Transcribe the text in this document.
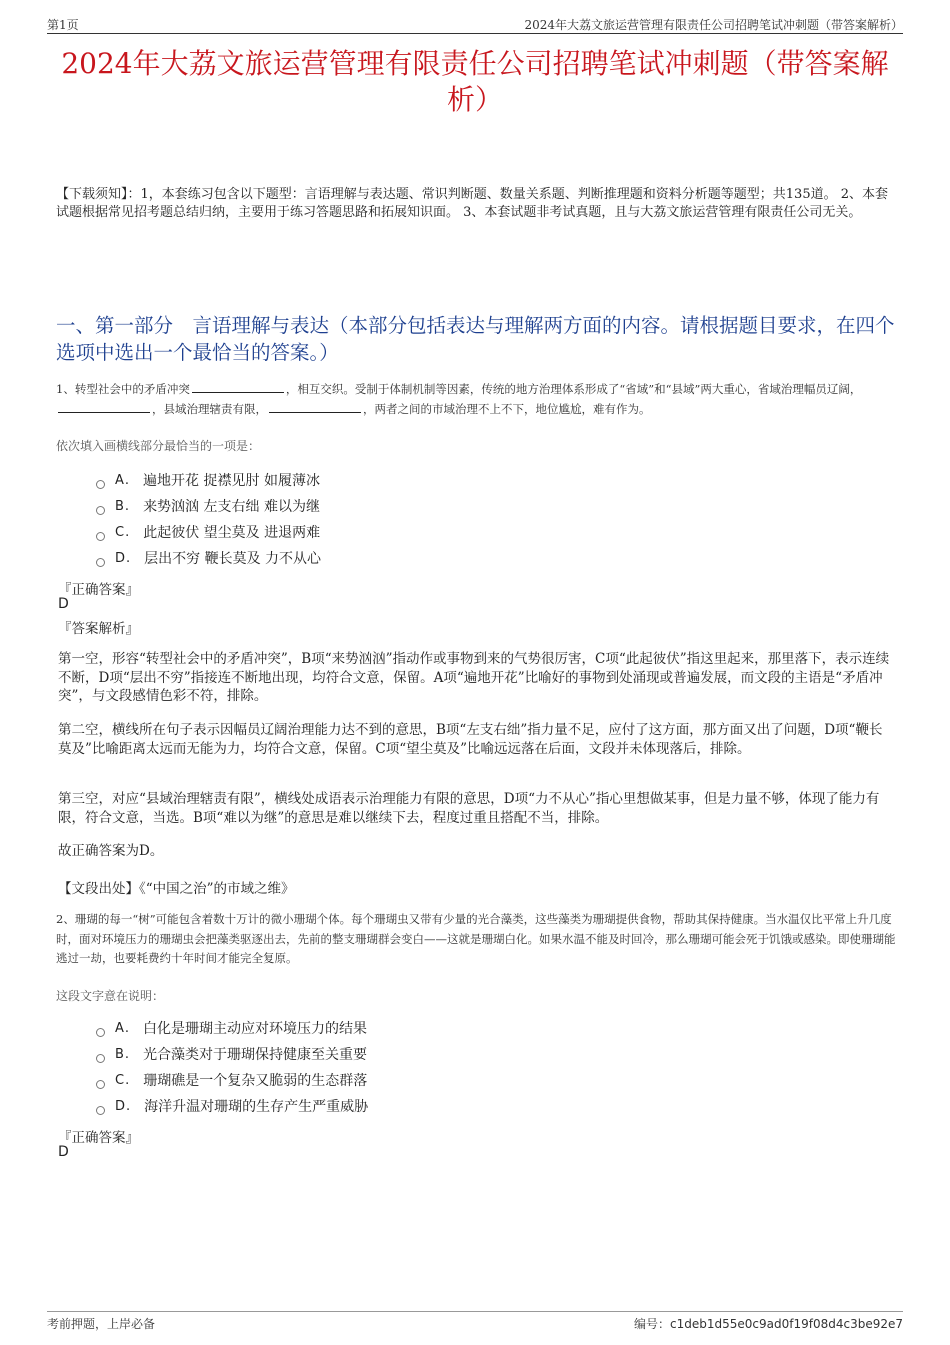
第1页	2024年大荔文旅运营管理有限责任公司招聘笔试冲刺题（带答案解析）
2024年大荔文旅运营管理有限责任公司招聘笔试冲刺题（带答案解析）
【下载须知】：1，本套练习包含以下题型：言语理解与表达题、常识判断题、数量关系题、判断推理题和资料分析题等题型；共135道。 2、本套试题根据常见招考题总结归纳，主要用于练习答题思路和拓展知识面。 3、本套试题非考试真题，且与大荔文旅运营管理有限责任公司无关。
一、第一部分　言语理解与表达（本部分包括表达与理解两方面的内容。请根据题目要求，在四个选项中选出一个最恰当的答案。）
1、转型社会中的矛盾冲突	，相互交织。受制于体制机制等因素，传统的地方治理体系形成了“省域”和“县域”两大重心，省域治理幅员辽阔，，县域治理辖责有限，	，两者之间的市域治理不上不下，地位尴尬，难有作为。
依次填入画横线部分最恰当的一项是：
A .	遍地开花 捉襟见肘 如履薄冰
B .	来势汹汹 左支右绌 难以为继
C .	此起彼伏 望尘莫及 进退两难
D .	层出不穷 鞭长莫及 力不从心
『正确答案』
D
『答案解析』
第一空，形容“转型社会中的矛盾冲突”，B项“来势汹汹”指动作或事物到来的气势很厉害，C项“此起彼伏”指这里起来，那里落下，表示连续不断，D项“层出不穷”指接连不断地出现，均符合文意，保留。A项“遍地开花”比喻好的事物到处涌现或普遍发展，而文段的主语是“矛盾冲突”，与文段感情色彩不符，排除。
第二空，横线所在句子表示因幅员辽阔治理能力达不到的意思，B项“左支右绌”指力量不足，应付了这方面，那方面又出了问题，D项“鞭长莫及”比喻距离太远而无能为力，均符合文意，保留。C项“望尘莫及”比喻远远落在后面，文段并未体现落后，排除。
第三空，对应“县域治理辖责有限”，横线处成语表示治理能力有限的意思，D项“力不从心”指心里想做某事，但是力量不够，体现了能力有限，符合文意，当选。B项“难以为继”的意思是难以继续下去，程度过重且搭配不当，排除。
故正确答案为D。
【文段出处】《“中国之治”的市域之维》
2、珊瑚的每一“树”可能包含着数十万计的微小珊瑚个体。每个珊瑚虫又带有少量的光合藻类，这些藻类为珊瑚提供食物，帮助其保持健康。当水温仅比平常上升几度时，面对环境压力的珊瑚虫会把藻类驱逐出去，先前的整支珊瑚群会变白——这就是珊瑚白化。如果水温不能及时回冷，那么珊瑚可能会死于饥饿或感染。即使珊瑚能逃过一劫，也要耗费约十年时间才能完全复原。
这段文字意在说明：
A .	白化是珊瑚主动应对环境压力的结果
B .	光合藻类对于珊瑚保持健康至关重要
C .	珊瑚礁是一个复杂又脆弱的生态群落
D .	海洋升温对珊瑚的生存产生严重威胁
『正确答案』
D
考前押题，上岸必备	编号：c1deb1d55e0c9ad0f19f08d4c3be92e7
